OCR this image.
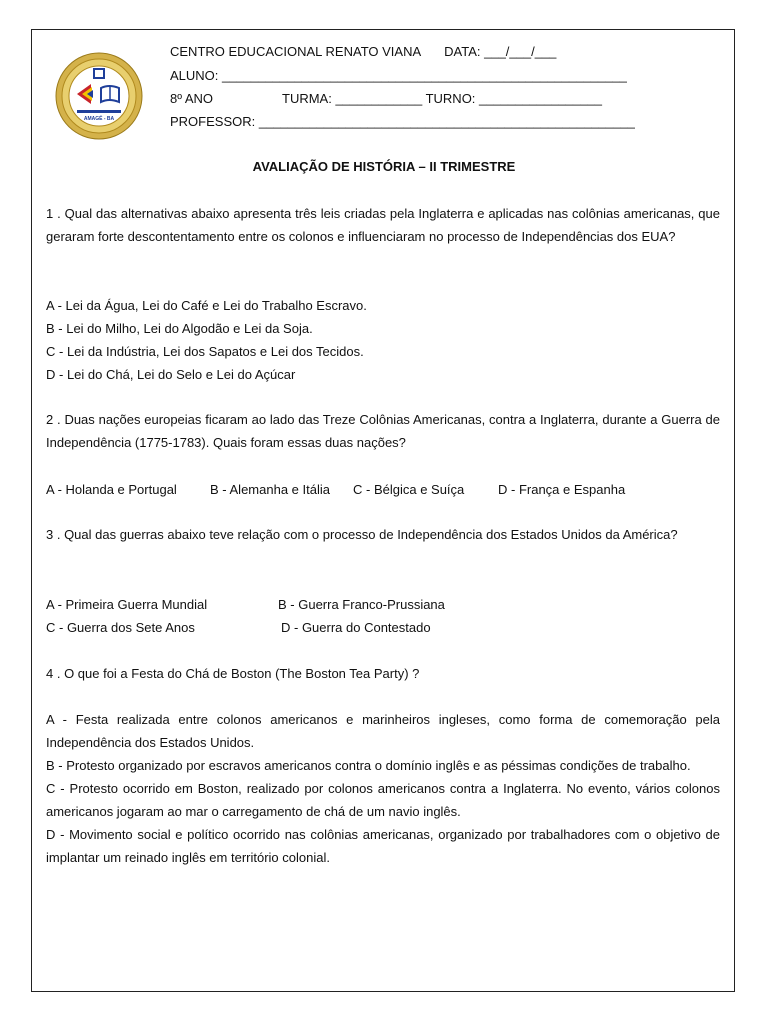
AMAGÉ - BA
CENTRO EDUCACIONAL RENATO VIANA DATA: ___/___/___
ALUNO: ________________________________________________________
8º ANO	TURMA: ____________ TURNO: _________________
PROFESSOR: ____________________________________________________
AVALIAÇÃO DE HISTÓRIA – II TRIMESTRE

1 . Qual das alternativas abaixo apresenta três leis criadas pela Inglaterra e aplicadas nas colônias americanas, que geraram forte descontentamento entre os colonos e influenciaram no processo de Independências dos EUA?

A - Lei da Água, Lei do Café e Lei do Trabalho Escravo.

B - Lei do Milho, Lei do Algodão e Lei da Soja.

C - Lei da Indústria, Lei dos Sapatos e Lei dos Tecidos.

D - Lei do Chá, Lei do Selo e Lei do Açúcar

2 . Duas nações europeias ficaram ao lado das Treze Colônias Americanas, contra a Inglaterra, durante a Guerra de Independência (1775-1783). Quais foram essas duas nações?

A - Holanda e Portugal	B - Alemanha e Itália C - Bélgica e Suíça	D - França e Espanha

3 . Qual das guerras abaixo teve relação com o processo de Independência dos Estados Unidos da América?

A - Primeira Guerra Mundial	B - Guerra Franco-Prussiana
C - Guerra dos Sete Anos	D - Guerra do Contestado

4 . O que foi a Festa do Chá de Boston (The Boston Tea Party) ?

A - Festa realizada entre colonos americanos e marinheiros ingleses, como forma de comemoração pela Independência dos Estados Unidos.

B - Protesto organizado por escravos americanos contra o domínio inglês e as péssimas condições de trabalho.

C - Protesto ocorrido em Boston, realizado por colonos americanos contra a Inglaterra. No evento, vários colonos americanos jogaram ao mar o carregamento de chá de um navio inglês.

D - Movimento social e político ocorrido nas colônias americanas, organizado por trabalhadores com o objetivo de implantar um reinado inglês em território colonial.
